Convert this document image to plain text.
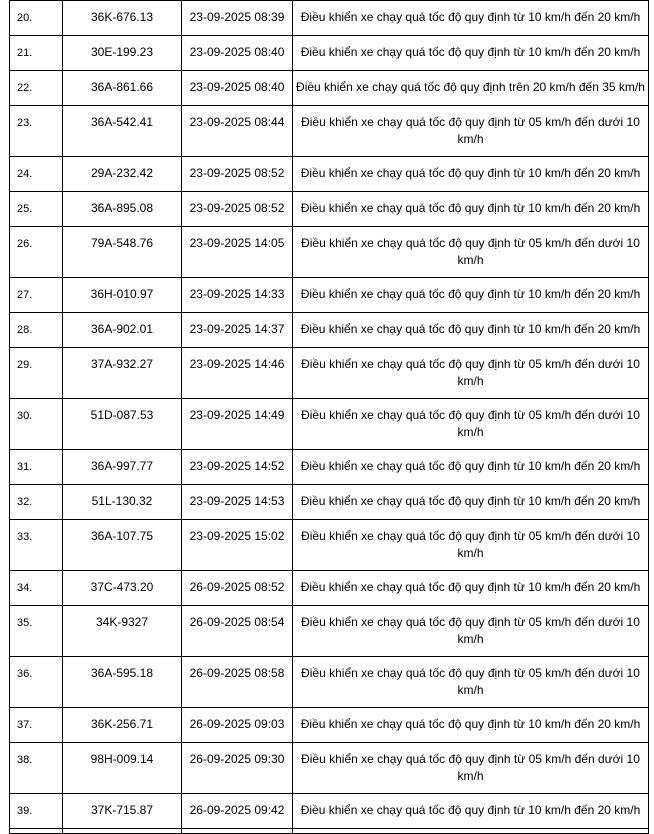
20.	36K-676.13	23-09-2025 08:39	Điều khiển xe chạy quá tốc độ quy định từ 10 km/h đến 20 km/h
21.	30E-199.23	23-09-2025 08:40	Điều khiển xe chạy quá tốc độ quy định từ 10 km/h đến 20 km/h
22.	36A-861.66	23-09-2025 08:40	Điều khiển xe chạy quá tốc độ quy định trên 20 km/h đến 35 km/h
23.	36A-542.41	23-09-2025 08:44	Điều khiển xe chạy quá tốc độ quy định từ 05 km/h đến dưới 10 km/h
24.	29A-232.42	23-09-2025 08:52	Điều khiển xe chạy quá tốc độ quy định từ 10 km/h đến 20 km/h
25.	36A-895.08	23-09-2025 08:52	Điều khiển xe chạy quá tốc độ quy định từ 10 km/h đến 20 km/h
26.	79A-548.76	23-09-2025 14:05	Điều khiển xe chạy quá tốc độ quy định từ 05 km/h đến dưới 10 km/h
27.	36H-010.97	23-09-2025 14:33	Điều khiển xe chạy quá tốc độ quy định từ 10 km/h đến 20 km/h
28.	36A-902.01	23-09-2025 14:37	Điều khiển xe chạy quá tốc độ quy định từ 10 km/h đến 20 km/h
29.	37A-932.27	23-09-2025 14:46	Điều khiển xe chạy quá tốc độ quy định từ 05 km/h đến dưới 10 km/h
30.	51D-087.53	23-09-2025 14:49	Điều khiển xe chạy quá tốc độ quy định từ 05 km/h đến dưới 10 km/h
31.	36A-997.77	23-09-2025 14:52	Điều khiển xe chạy quá tốc độ quy định từ 10 km/h đến 20 km/h
32.	51L-130.32	23-09-2025 14:53	Điều khiển xe chạy quá tốc độ quy định từ 10 km/h đến 20 km/h
33.	36A-107.75	23-09-2025 15:02	Điều khiển xe chạy quá tốc độ quy định từ 05 km/h đến dưới 10 km/h
34.	37C-473.20	26-09-2025 08:52	Điều khiển xe chạy quá tốc độ quy định từ 10 km/h đến 20 km/h
35.	34K-9327	26-09-2025 08:54	Điều khiển xe chạy quá tốc độ quy định từ 05 km/h đến dưới 10 km/h
36.	36A-595.18	26-09-2025 08:58	Điều khiển xe chạy quá tốc độ quy định từ 05 km/h đến dưới 10 km/h
37.	36K-256.71	26-09-2025 09:03	Điều khiển xe chạy quá tốc độ quy định từ 10 km/h đến 20 km/h
38.	98H-009.14	26-09-2025 09:30	Điều khiển xe chạy quá tốc độ quy định từ 05 km/h đến dưới 10 km/h
39.	37K-715.87	26-09-2025 09:42	Điều khiển xe chạy quá tốc độ quy định từ 10 km/h đến 20 km/h
